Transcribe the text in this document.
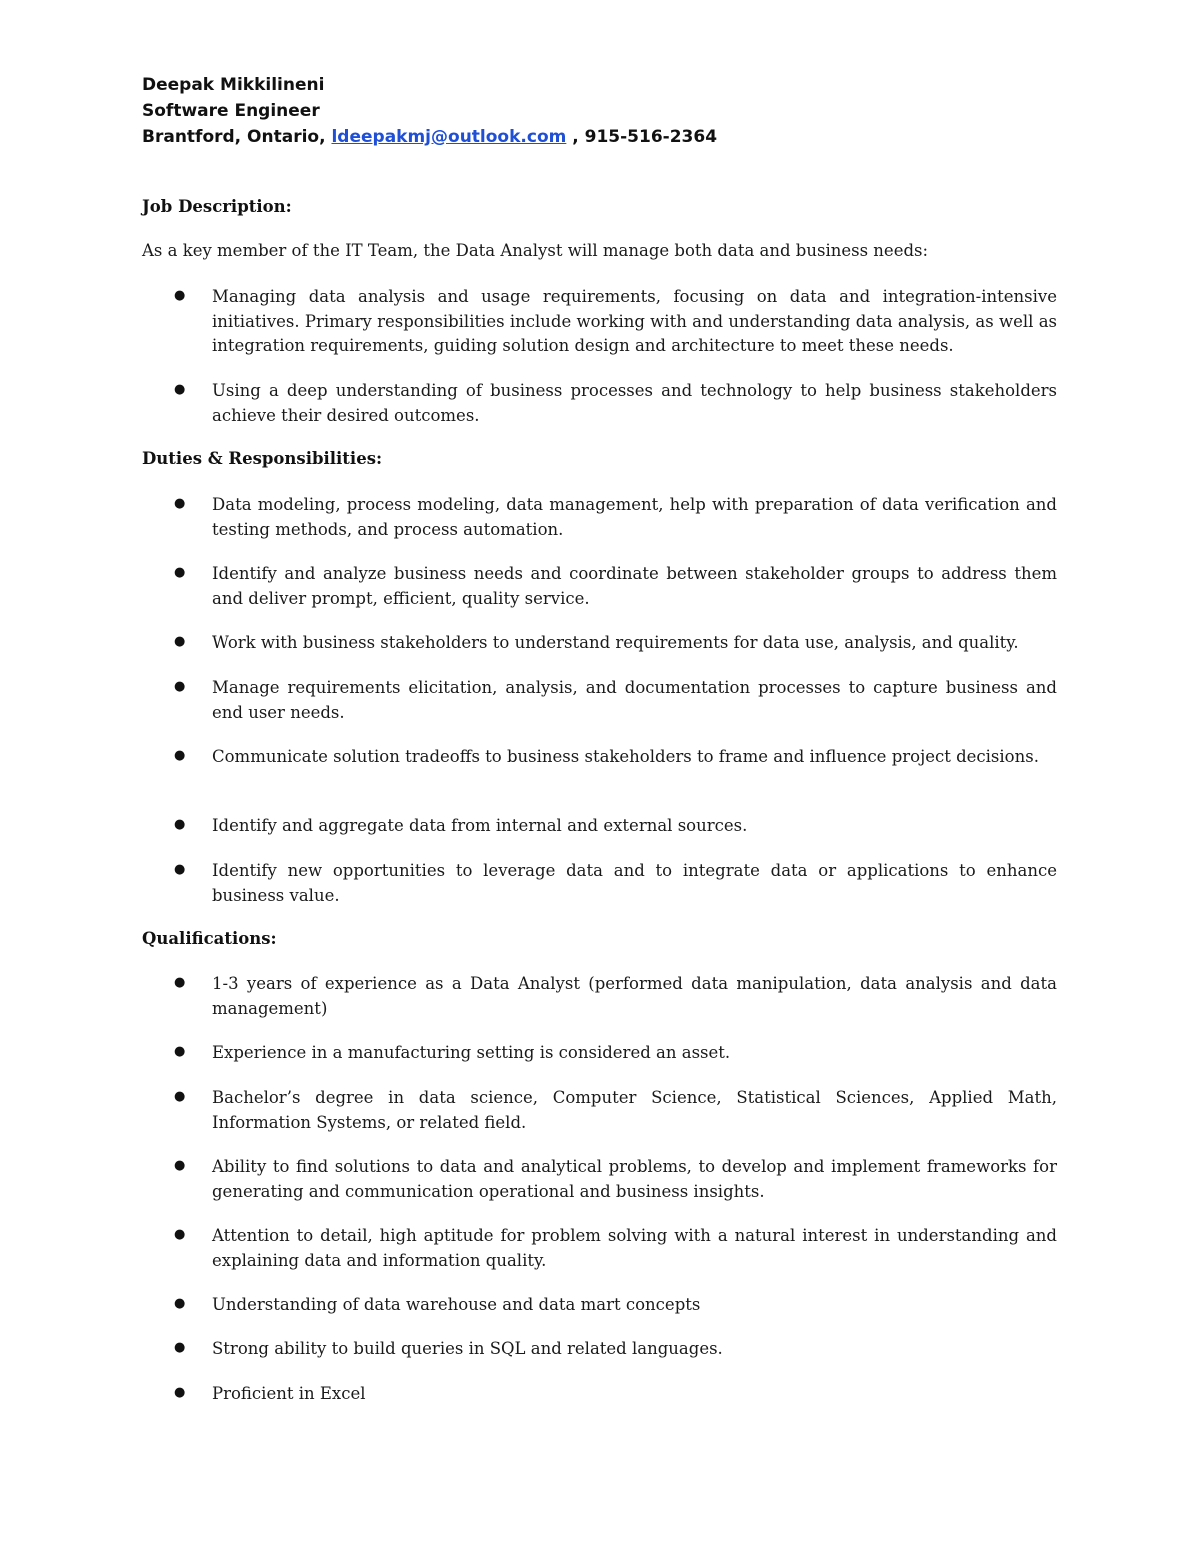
Deepak Mikkilineni
Software Engineer
Brantford, Ontario, ldeepakmj@outlook.com , 915-516-2364

Job Description:

As a key member of the IT Team, the Data Analyst will manage both data and business needs:

● Managing data analysis and usage requirements, focusing on data and integration-intensive initiatives. Primary responsibilities include working with and understanding data analysis, as well as integration requirements, guiding solution design and architecture to meet these needs.

● Using a deep understanding of business processes and technology to help business stakeholders achieve their desired outcomes.

Duties & Responsibilities:

● Data modeling, process modeling, data management, help with preparation of data verification and testing methods, and process automation.

● Identify and analyze business needs and coordinate between stakeholder groups to address them and deliver prompt, efficient, quality service.

● Work with business stakeholders to understand requirements for data use, analysis, and quality.

● Manage requirements elicitation, analysis, and documentation processes to capture business and end user needs.

● Communicate solution tradeoffs to business stakeholders to frame and influence project decisions.

● Identify and aggregate data from internal and external sources.

● Identify new opportunities to leverage data and to integrate data or applications to enhance business value.

Qualifications:

● 1-3 years of experience as a Data Analyst (performed data manipulation, data analysis and data management)

● Experience in a manufacturing setting is considered an asset.

● Bachelor’s degree in data science, Computer Science, Statistical Sciences, Applied Math, Information Systems, or related field.

● Ability to find solutions to data and analytical problems, to develop and implement frameworks for generating and communication operational and business insights.

● Attention to detail, high aptitude for problem solving with a natural interest in understanding and explaining data and information quality.

● Understanding of data warehouse and data mart concepts

● Strong ability to build queries in SQL and related languages.

● Proficient in Excel
